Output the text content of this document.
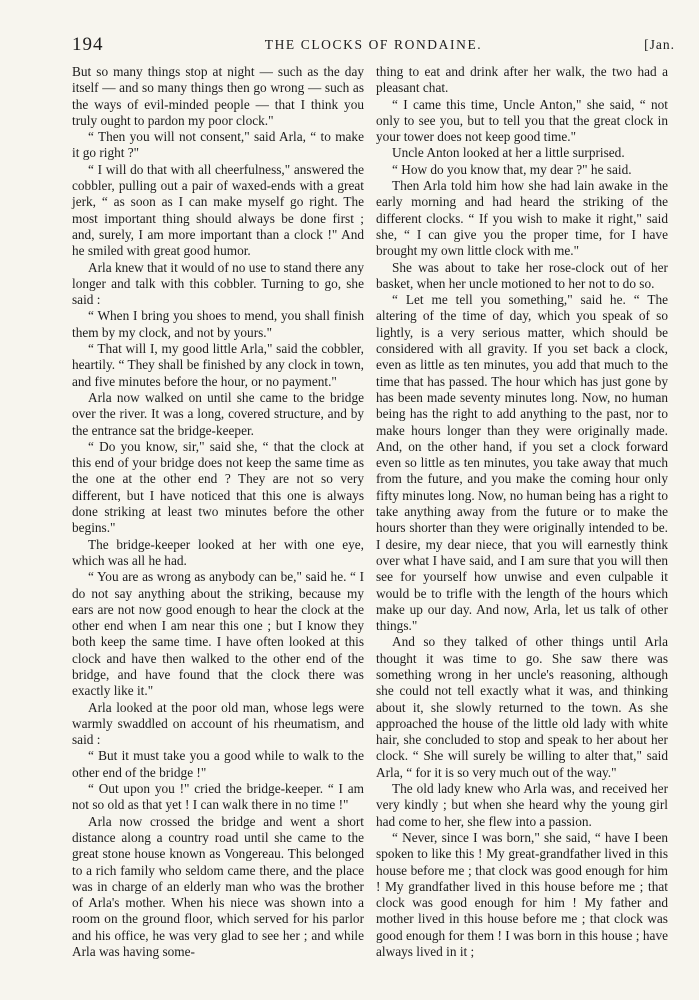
194	THE CLOCKS OF RONDAINE.	[Jan.

But so many things stop at night — such as the day itself — and so many things then go wrong — such as the ways of evil-minded people — that I think you truly ought to pardon my poor clock."

“ Then you will not consent," said Arla, “ to make it go right ?"

“ I will do that with all cheerfulness," answered the cobbler, pulling out a pair of waxed-ends with a great jerk, “ as soon as I can make myself go right. The most important thing should always be done first ; and, surely, I am more important than a clock !" And he smiled with great good humor.

Arla knew that it would of no use to stand there any longer and talk with this cobbler. Turning to go, she said :

“ When I bring you shoes to mend, you shall finish them by my clock, and not by yours."

“ That will I, my good little Arla," said the cobbler, heartily. “ They shall be finished by any clock in town, and five minutes before the hour, or no payment."

Arla now walked on until she came to the bridge over the river. It was a long, covered structure, and by the entrance sat the bridge-keeper.

“ Do you know, sir," said she, “ that the clock at this end of your bridge does not keep the same time as the one at the other end ? They are not so very different, but I have noticed that this one is always done striking at least two minutes before the other begins."

The bridge-keeper looked at her with one eye, which was all he had.

“ You are as wrong as anybody can be," said he. “ I do not say anything about the striking, because my ears are not now good enough to hear the clock at the other end when I am near this one ; but I know they both keep the same time. I have often looked at this clock and have then walked to the other end of the bridge, and have found that the clock there was exactly like it."

Arla looked at the poor old man, whose legs were warmly swaddled on account of his rheumatism, and said :

“ But it must take you a good while to walk to the other end of the bridge !"

“ Out upon you !" cried the bridge-keeper. “ I am not so old as that yet ! I can walk there in no time !"

Arla now crossed the bridge and went a short distance along a country road until she came to the great stone house known as Vongereau. This belonged to a rich family who seldom came there, and the place was in charge of an elderly man who was the brother of Arla's mother. When his niece was shown into a room on the ground floor, which served for his parlor and his office, he was very glad to see her ; and while Arla was having some-

thing to eat and drink after her walk, the two had a pleasant chat.

“ I came this time, Uncle Anton," she said, “ not only to see you, but to tell you that the great clock in your tower does not keep good time."

Uncle Anton looked at her a little surprised.

“ How do you know that, my dear ?" he said.

Then Arla told him how she had lain awake in the early morning and had heard the striking of the different clocks. “ If you wish to make it right," said she, “ I can give you the proper time, for I have brought my own little clock with me."

She was about to take her rose-clock out of her basket, when her uncle motioned to her not to do so.

“ Let me tell you something," said he. “ The altering of the time of day, which you speak of so lightly, is a very serious matter, which should be considered with all gravity. If you set back a clock, even as little as ten minutes, you add that much to the time that has passed. The hour which has just gone by has been made seventy minutes long. Now, no human being has the right to add anything to the past, nor to make hours longer than they were originally made. And, on the other hand, if you set a clock forward even so little as ten minutes, you take away that much from the future, and you make the coming hour only fifty minutes long. Now, no human being has a right to take anything away from the future or to make the hours shorter than they were originally intended to be. I desire, my dear niece, that you will earnestly think over what I have said, and I am sure that you will then see for yourself how unwise and even culpable it would be to trifle with the length of the hours which make up our day. And now, Arla, let us talk of other things."

And so they talked of other things until Arla thought it was time to go. She saw there was something wrong in her uncle's reasoning, although she could not tell exactly what it was, and thinking about it, she slowly returned to the town. As she approached the house of the little old lady with white hair, she concluded to stop and speak to her about her clock. “ She will surely be willing to alter that," said Arla, “ for it is so very much out of the way."

The old lady knew who Arla was, and received her very kindly ; but when she heard why the young girl had come to her, she flew into a passion.

“ Never, since I was born," she said, “ have I been spoken to like this ! My great-grandfather lived in this house before me ; that clock was good enough for him ! My grandfather lived in this house before me ; that clock was good enough for him ! My father and mother lived in this house before me ; that clock was good enough for them ! I was born in this house ; have always lived in it ;
